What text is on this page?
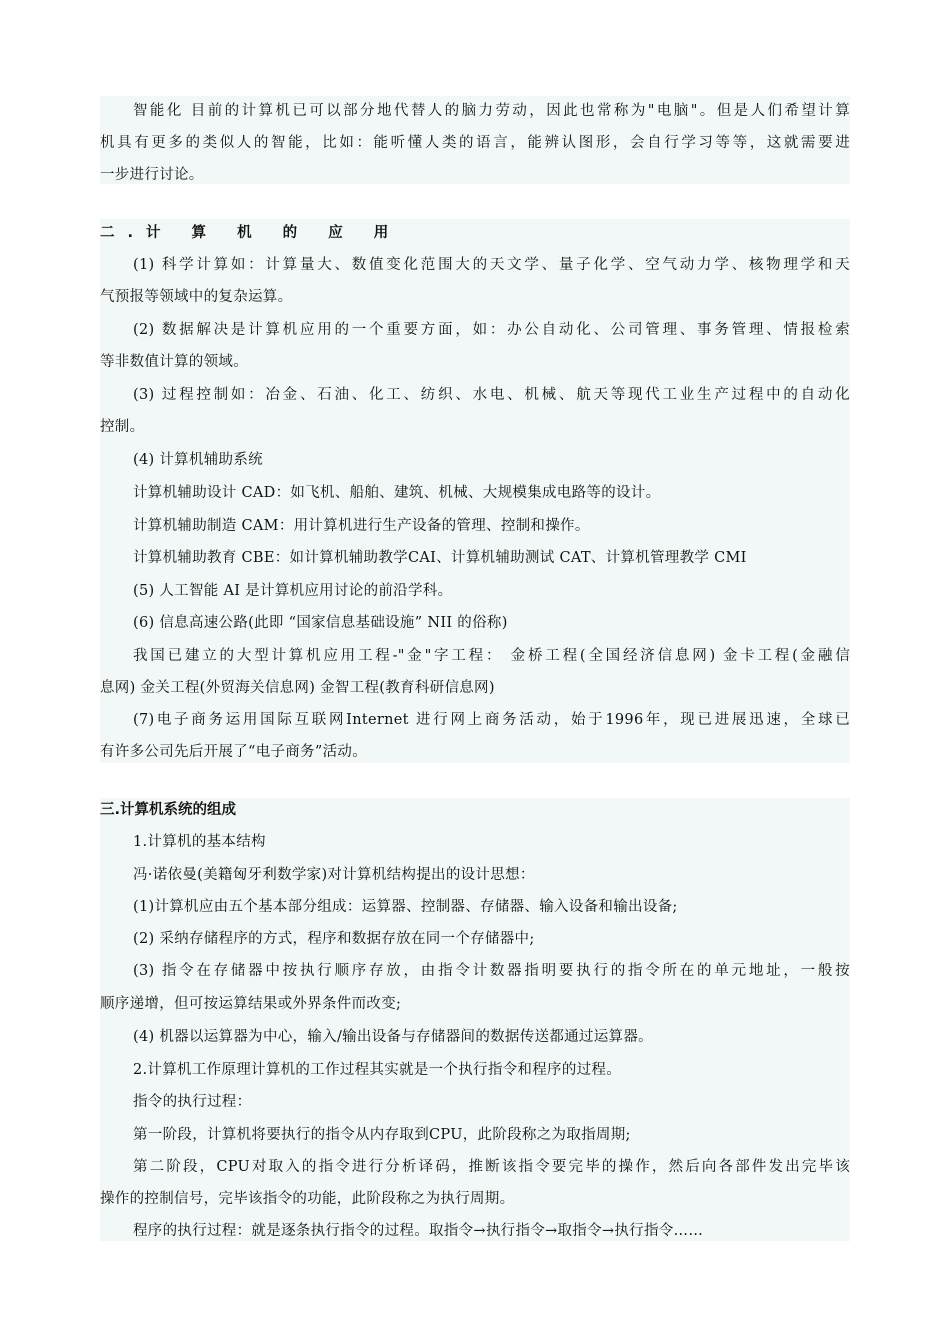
智能化 目前的计算机已可以部分地代替人的脑力劳动，因此也常称为"电脑"。但是人们希望计算
机具有更多的类似人的智能，比如：能听懂人类的语言，能辨认图形，会自行学习等等，这就需要进
一步进行讨论。
二.计 算 机 的 应 用
(1) 科学计算如：计算量大、数值变化范围大的天文学、量子化学、空气动力学、核物理学和天
气预报等领域中的复杂运算。
(2) 数据解决是计算机应用的一个重要方面，如：办公自动化、公司管理、事务管理、情报检索
等非数值计算的领域。
(3) 过程控制如：冶金、石油、化工、纺织、水电、机械、航天等现代工业生产过程中的自动化
控制。
(4) 计算机辅助系统
计算机辅助设计 CAD：如飞机、船舶、建筑、机械、大规模集成电路等的设计。
计算机辅助制造 CAM：用计算机进行生产设备的管理、控制和操作。
计算机辅助教育 CBE：如计算机辅助教学CAI、计算机辅助测试 CAT、计算机管理教学 CMI
(5) 人工智能 AI 是计算机应用讨论的前沿学科。
(6) 信息高速公路(此即 “国家信息基础设施” NII 的俗称)
我国已建立的大型计算机应用工程-"金"字工程： 金桥工程(全国经济信息网) 金卡工程(金融信
息网) 金关工程(外贸海关信息网) 金智工程(教育科研信息网)
(7)电子商务运用国际互联网Internet 进行网上商务活动，始于1996年，现已进展迅速，全球已
有许多公司先后开展了“电子商务”活动。
三.计算机系统的组成
1.计算机的基本结构
冯·诺依曼(美籍匈牙利数学家)对计算机结构提出的设计思想：
(1)计算机应由五个基本部分组成：运算器、控制器、存储器、输入设备和输出设备;
(2) 采纳存储程序的方式，程序和数据存放在同一个存储器中;
(3) 指令在存储器中按执行顺序存放，由指令计数器指明要执行的指令所在的单元地址，一般按
顺序递增，但可按运算结果或外界条件而改变;
(4) 机器以运算器为中心，输入/输出设备与存储器间的数据传送都通过运算器。
2.计算机工作原理计算机的工作过程其实就是一个执行指令和程序的过程。
指令的执行过程：
第一阶段，计算机将要执行的指令从内存取到CPU，此阶段称之为取指周期;
第二阶段，CPU对取入的指令进行分析译码，推断该指令要完毕的操作，然后向各部件发出完毕该
操作的控制信号，完毕该指令的功能，此阶段称之为执行周期。
程序的执行过程：就是逐条执行指令的过程。取指令→执行指令→取指令→执行指令……
